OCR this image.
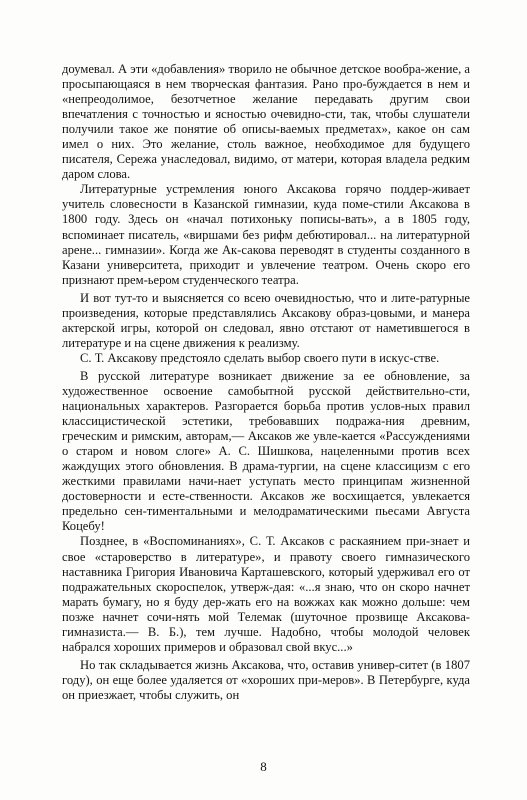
доумевал. А эти «добавления» творило не обычное детское вообра-жение, а просыпающаяся в нем творческая фантазия. Рано про-буждается в нем и «непреодолимое, безотчетное желание передавать другим свои впечатления с точностью и ясностью очевидно-сти, так, чтобы слушатели получили такое же понятие об описы-ваемых предметах», какое он сам имел о них. Это желание, столь важное, необходимое для будущего писателя, Сережа унаследовал, видимо, от матери, которая владела редким даром слова.

Литературные устремления юного Аксакова горячо поддер-живает учитель словесности в Казанской гимназии, куда поме-стили Аксакова в 1800 году. Здесь он «начал потихоньку пописы-вать», а в 1805 году, вспоминает писатель, «виршами без рифм дебютировал... на литературной арене... гимназии». Когда же Ак-сакова переводят в студенты созданного в Казани университета, приходит и увлечение театром. Очень скоро его признают прем-ьером студенческого театра.

И вот тут-то и выясняется со всею очевидностью, что и лите-ратурные произведения, которые представлялись Аксакову образ-цовыми, и манера актерской игры, которой он следовал, явно отстают от наметившегося в литературе и на сцене движения к реализму.

С. Т. Аксакову предстояло сделать выбор своего пути в искус-стве.

В русской литературе возникает движение за ее обновление, за художественное освоение самобытной русской действительно-сти, национальных характеров. Разгорается борьба против услов-ных правил классицистической эстетики, требовавших подража-ния древним, греческим и римским, авторам,— Аксаков же увле-кается «Рассуждениями о старом и новом слоге» А. С. Шишкова, нацеленными против всех жаждущих этого обновления. В драма-тургии, на сцене классицизм с его жесткими правилами начи-нает уступать место принципам жизненной достоверности и есте-ственности. Аксаков же восхищается, увлекается предельно сен-тиментальными и мелодраматическими пьесами Августа Коцебу!

Позднее, в «Воспоминаниях», С. Т. Аксаков с раскаянием при-знает и свое «староверство в литературе», и правоту своего гимназического наставника Григория Ивановича Карташевского, который удерживал его от подражательных скороспелок, утверж-дая: «...я знаю, что он скоро начнет марать бумагу, но я буду дер-жать его на вожжах как можно дольше: чем позже начнет сочи-нять мой Телемак (шуточное прозвище Аксакова-гимназиста.— В. Б.), тем лучше. Надобно, чтобы молодой человек набрался хороших примеров и образовал свой вкус...»

Но так складывается жизнь Аксакова, что, оставив универ-ситет (в 1807 году), он еще более удаляется от «хороших при-меров». В Петербурге, куда он приезжает, чтобы служить, он

8
